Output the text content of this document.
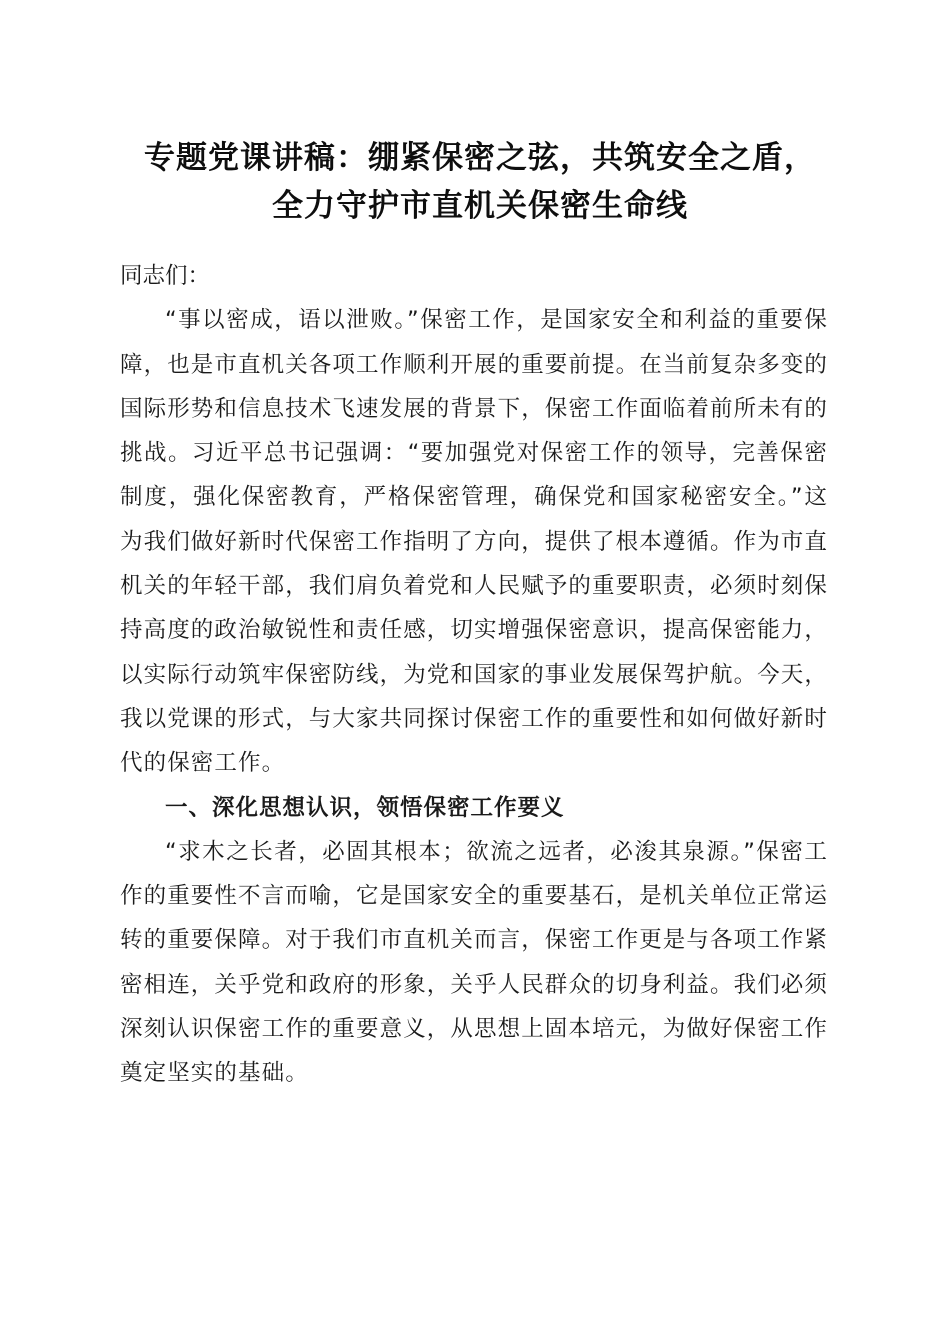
专题党课讲稿：绷紧保密之弦，共筑安全之盾，
全力守护市直机关保密生命线

同志们：

“事以密成，语以泄败。”保密工作，是国家安全和利益的重要保障，也是市直机关各项工作顺利开展的重要前提。在当前复杂多变的国际形势和信息技术飞速发展的背景下，保密工作面临着前所未有的挑战。习近平总书记强调：“要加强党对保密工作的领导，完善保密制度，强化保密教育，严格保密管理，确保党和国家秘密安全。”这为我们做好新时代保密工作指明了方向，提供了根本遵循。作为市直机关的年轻干部，我们肩负着党和人民赋予的重要职责，必须时刻保持高度的政治敏锐性和责任感，切实增强保密意识，提高保密能力，以实际行动筑牢保密防线，为党和国家的事业发展保驾护航。今天，我以党课的形式，与大家共同探讨保密工作的重要性和如何做好新时代的保密工作。

一、深化思想认识，领悟保密工作要义

“求木之长者，必固其根本；欲流之远者，必浚其泉源。”保密工作的重要性不言而喻，它是国家安全的重要基石，是机关单位正常运转的重要保障。对于我们市直机关而言，保密工作更是与各项工作紧密相连，关乎党和政府的形象，关乎人民群众的切身利益。我们必须深刻认识保密工作的重要意义，从思想上固本培元，为做好保密工作奠定坚实的基础。
